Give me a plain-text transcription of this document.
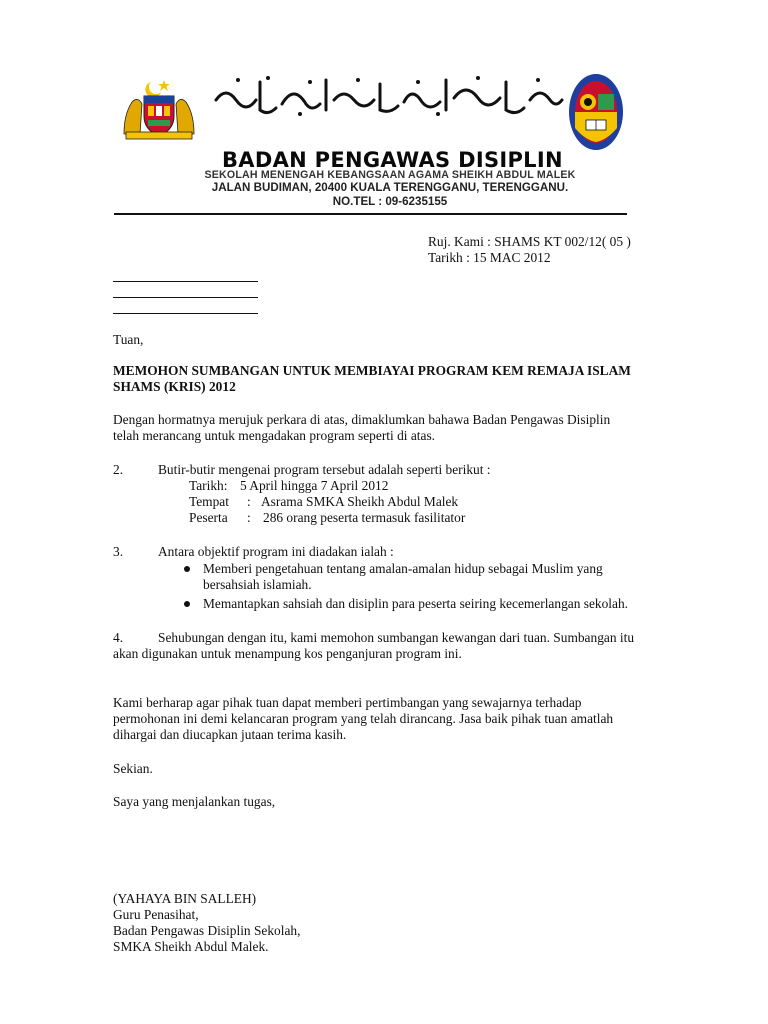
BADAN PENGAWAS DISIPLIN
SEKOLAH MENENGAH KEBANGSAAN AGAMA SHEIKH ABDUL MALEK
JALAN BUDIMAN, 20400 KUALA TERENGGANU, TERENGGANU.
NO.TEL : 09-6235155
Ruj. Kami : SHAMS KT 002/12( 05 )
Tarikh : 15 MAC 2012
Tuan,
MEMOHON SUMBANGAN UNTUK MEMBIAYAI PROGRAM KEM REMAJA ISLAM
SHAMS (KRIS) 2012
Dengan hormatnya merujuk perkara di atas, dimaklumkan bahawa Badan Pengawas Disiplin
telah merancang untuk mengadakan program seperti di atas.
2.	Butir-butir mengenai program tersebut adalah seperti berikut :
Tarikh: 5 April hingga 7 April 2012
Tempat : Asrama SMKA Sheikh Abdul Malek
Peserta : 286 orang peserta termasuk fasilitator
3.	Antara objektif program ini diadakan ialah :
Memberi pengetahuan tentang amalan-amalan hidup sebagai Muslim yang
bersahsiah islamiah.
Memantapkan sahsiah dan disiplin para peserta seiring kecemerlangan sekolah.
4.	Sehubungan dengan itu, kami memohon sumbangan kewangan dari tuan. Sumbangan itu
akan digunakan untuk menampung kos penganjuran program ini.
Kami berharap agar pihak tuan dapat memberi pertimbangan yang sewajarnya terhadap
permohonan ini demi kelancaran program yang telah dirancang. Jasa baik pihak tuan amatlah
dihargai dan diucapkan jutaan terima kasih.
Sekian.
Saya yang menjalankan tugas,
(YAHAYA BIN SALLEH)
Guru Penasihat,
Badan Pengawas Disiplin Sekolah,
SMKA Sheikh Abdul Malek.
